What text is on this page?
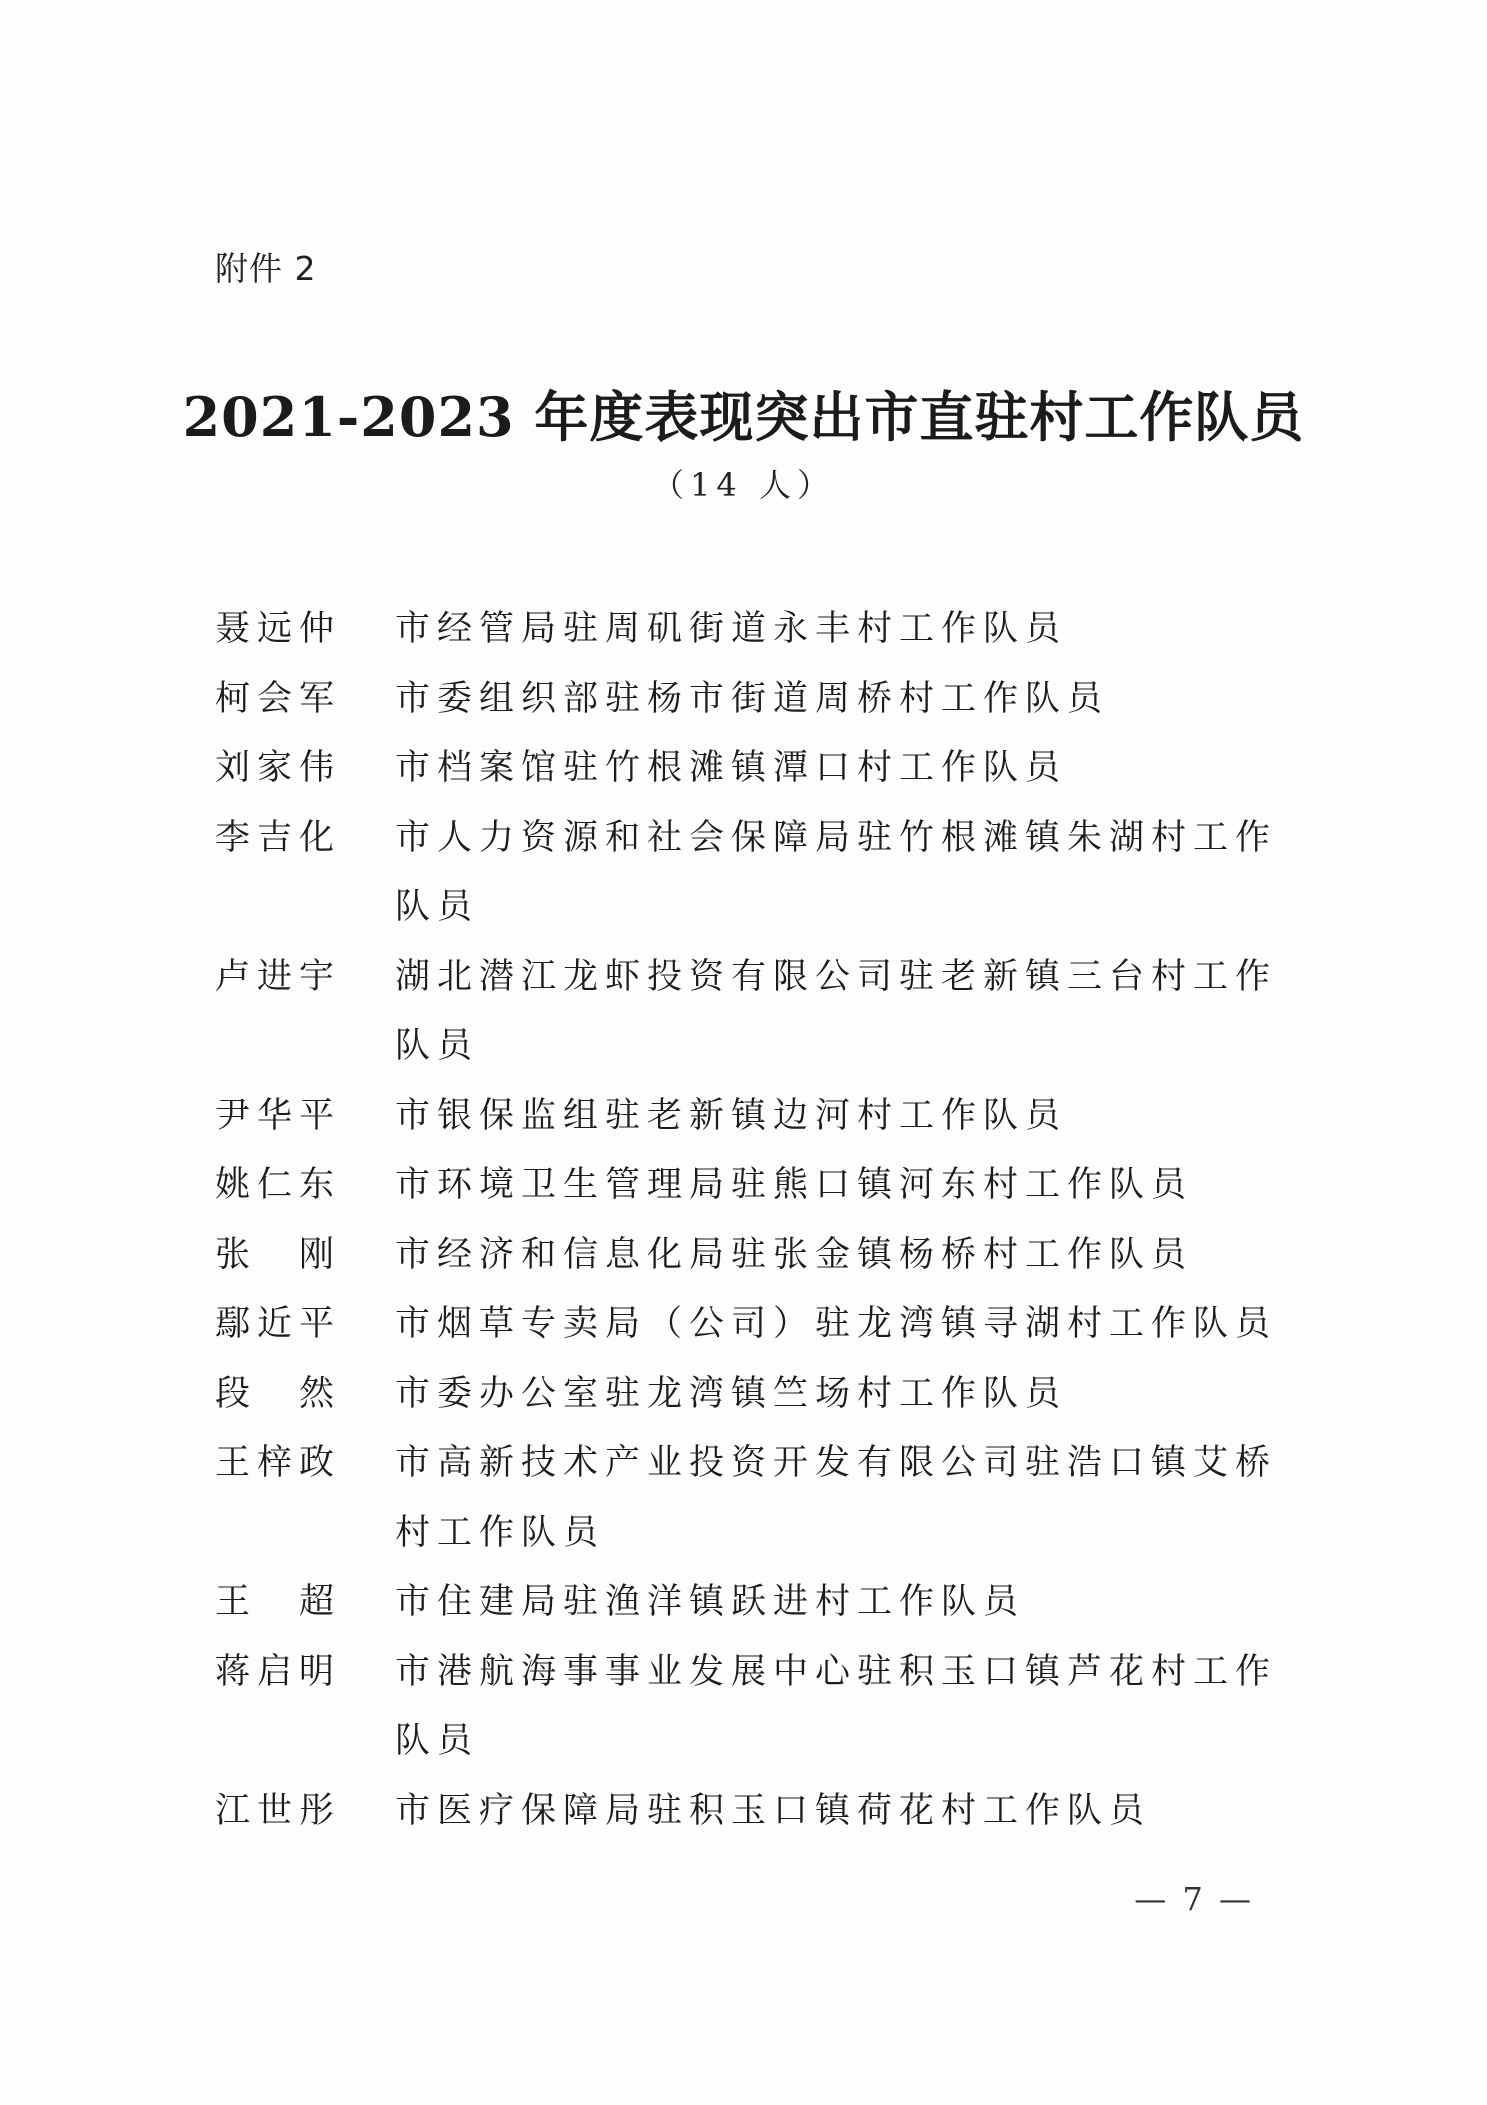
附件 2
2021-2023 年度表现突出市直驻村工作队员
（14 人）
聂远仲	市经管局驻周矶街道永丰村工作队员
柯会军	市委组织部驻杨市街道周桥村工作队员
刘家伟	市档案馆驻竹根滩镇潭口村工作队员
李吉化	市人力资源和社会保障局驻竹根滩镇朱湖村工作队员
卢进宇	湖北潜江龙虾投资有限公司驻老新镇三台村工作队员
尹华平	市银保监组驻老新镇边河村工作队员
姚仁东	市环境卫生管理局驻熊口镇河东村工作队员
张　刚	市经济和信息化局驻张金镇杨桥村工作队员
鄢近平	市烟草专卖局（公司）驻龙湾镇寻湖村工作队员
段　然	市委办公室驻龙湾镇竺场村工作队员
王梓政	市高新技术产业投资开发有限公司驻浩口镇艾桥村工作队员
王　超	市住建局驻渔洋镇跃进村工作队员
蒋启明	市港航海事事业发展中心驻积玉口镇芦花村工作队员
江世彤	市医疗保障局驻积玉口镇荷花村工作队员
— 7 —
